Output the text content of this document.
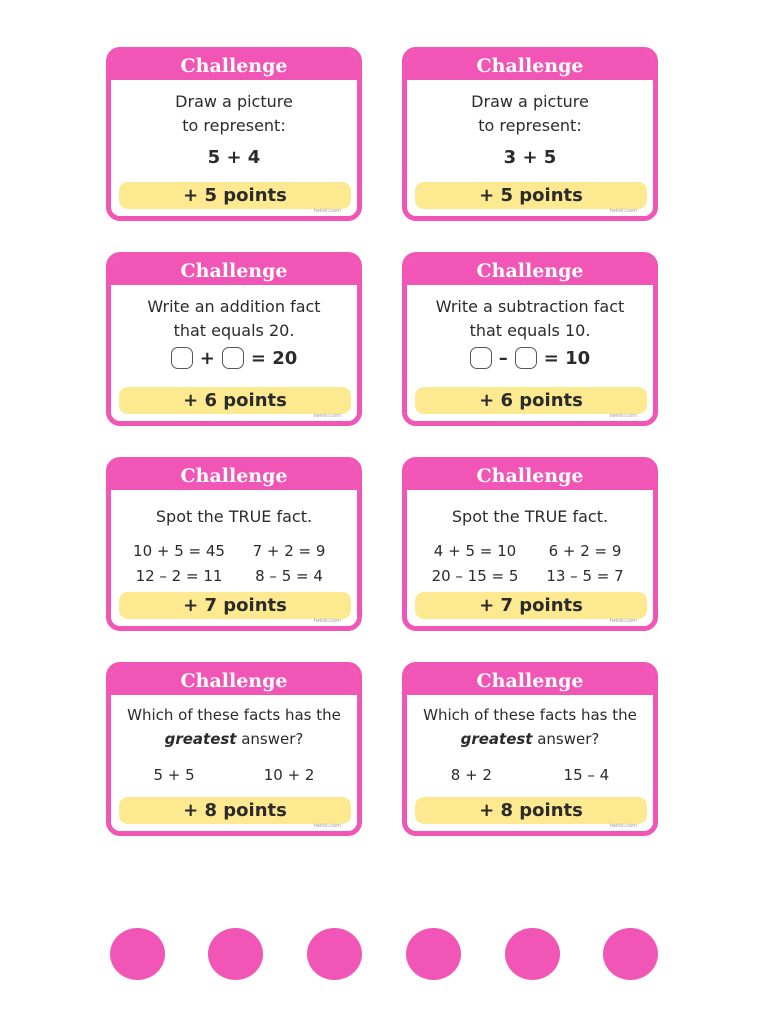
Challenge
Draw a picture
to represent:
5 + 4
+ 5 points
twinkl.com
Challenge
Draw a picture
to represent:
3 + 5
+ 5 points
twinkl.com
Challenge
Write an addition fact
that equals 20.
+ = 20
+ 6 points
twinkl.com
Challenge
Write a subtraction fact
that equals 10.
– = 10
+ 6 points
twinkl.com
Challenge
Spot the TRUE fact.
10 + 5 = 45	7 + 2 = 9
12 – 2 = 11	8 – 5 = 4
+ 7 points
twinkl.com
Challenge
Spot the TRUE fact.
4 + 5 = 10	6 + 2 = 9
20 – 15 = 5	13 – 5 = 7
+ 7 points
twinkl.com
Challenge
Which of these facts has the
greatest answer?
5 + 5	10 + 2
+ 8 points
twinkl.com
Challenge
Which of these facts has the
greatest answer?
8 + 2	15 – 4
+ 8 points
twinkl.com
